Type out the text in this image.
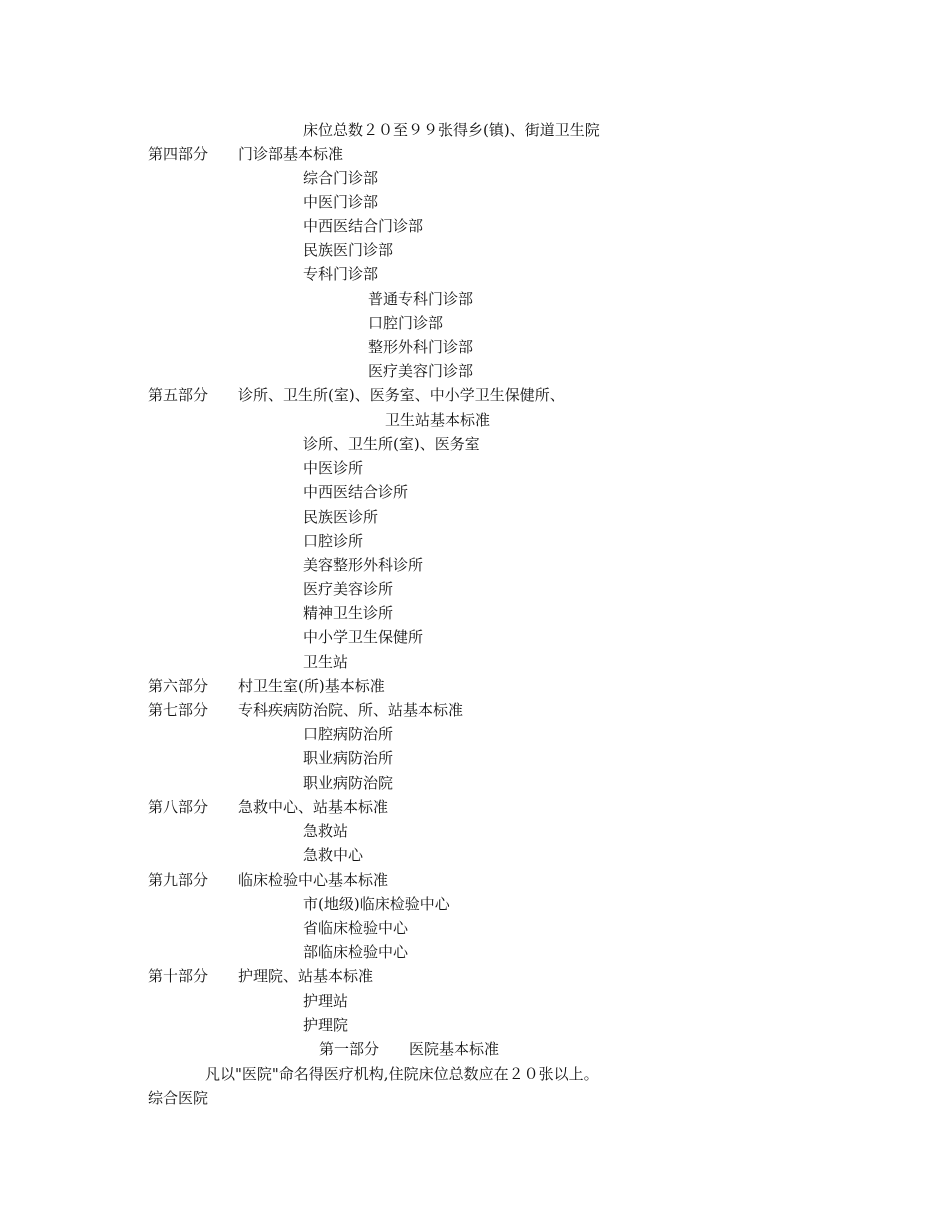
床位总数２０至９９张得乡(镇)、街道卫生院
第四部分 门诊部基本标准
综合门诊部
中医门诊部
中西医结合门诊部
民族医门诊部
专科门诊部
普通专科门诊部
口腔门诊部
整形外科门诊部
医疗美容门诊部
第五部分 诊所、卫生所(室)、医务室、中小学卫生保健所、
卫生站基本标准
诊所、卫生所(室)、医务室
中医诊所
中西医结合诊所
民族医诊所
口腔诊所
美容整形外科诊所
医疗美容诊所
精神卫生诊所
中小学卫生保健所
卫生站
第六部分 村卫生室(所)基本标准
第七部分 专科疾病防治院、所、站基本标准
口腔病防治所
职业病防治所
职业病防治院
第八部分 急救中心、站基本标准
急救站
急救中心
第九部分 临床检验中心基本标准
市(地级)临床检验中心
省临床检验中心
部临床检验中心
第十部分 护理院、站基本标准
护理站
护理院
第一部分 医院基本标准
凡以"医院"命名得医疗机构,住院床位总数应在２０张以上。
综合医院
